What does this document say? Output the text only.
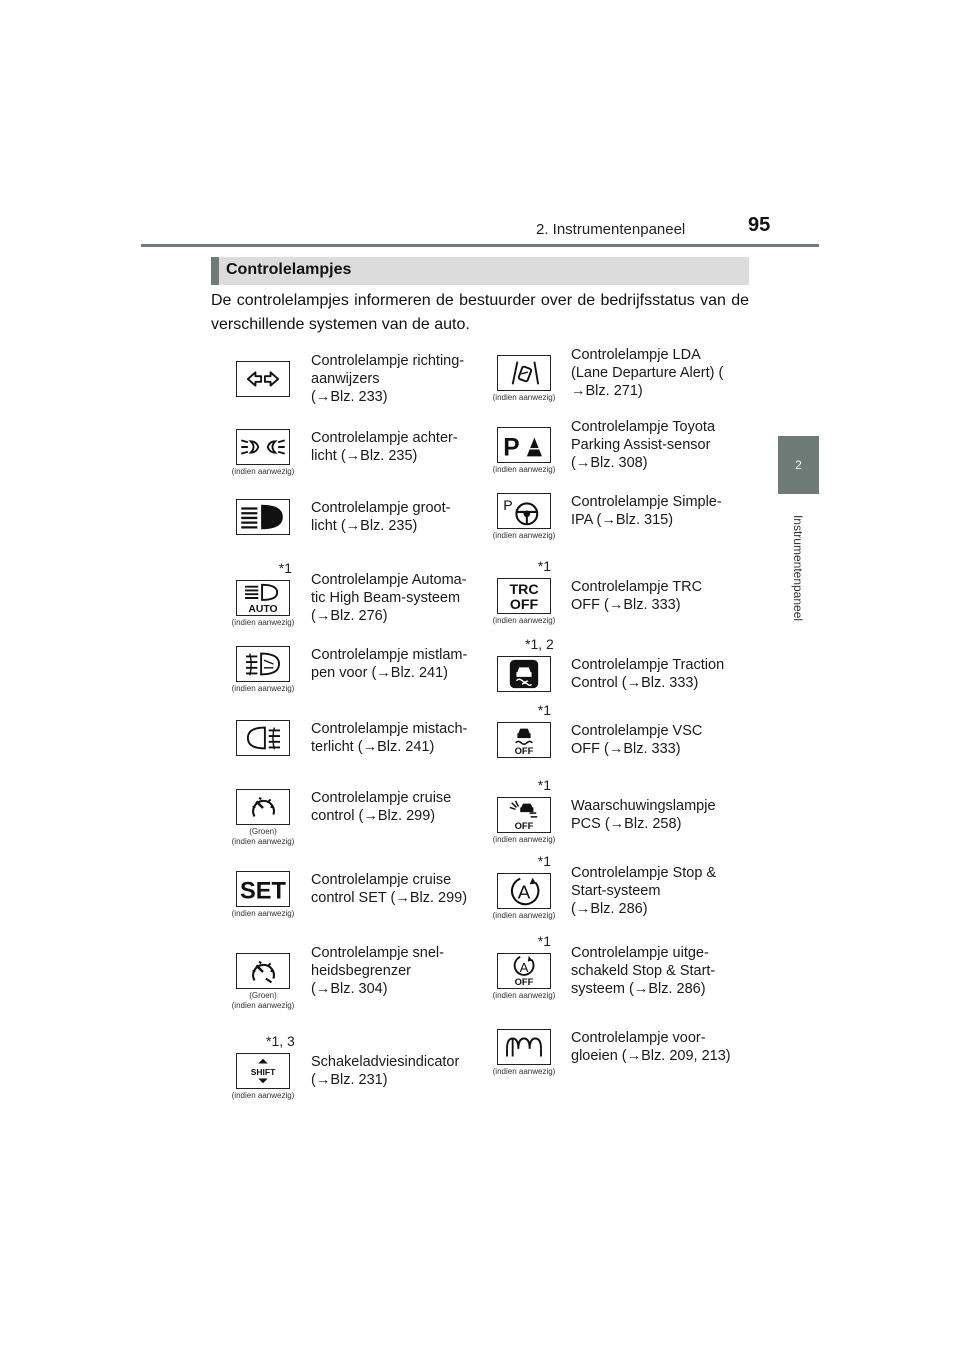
2. Instrumentenpaneel	95
2
Instrumentenpaneel
Controlelampjes
De controlelampjes informeren de bestuurder over de bedrijfsstatus van de verschillende systemen van de auto.
Controlelampje richting-
aanwijzers
(→Blz. 233)
(indien aanwezig)
Controlelampje achter-
licht (→Blz. 235)
Controlelampje groot-
licht (→Blz. 235)
*1
AUTO
(indien aanwezig)
Controlelampje Automa-
tic High Beam-systeem
(→Blz. 276)
(indien aanwezig)
Controlelampje mistlam-
pen voor (→Blz. 241)
Controlelampje mistach-
terlicht (→Blz. 241)
(Groen)
(indien aanwezig)
Controlelampje cruise
control (→Blz. 299)
SET
(indien aanwezig)
Controlelampje cruise
control SET (→Blz. 299)
(Groen)
(indien aanwezig)
Controlelampje snel-
heidsbegrenzer
(→Blz. 304)
*1, 3
SHIFT
(indien aanwezig)
Schakeladviesindicator
(→Blz. 231)
(indien aanwezig)
Controlelampje LDA
(Lane Departure Alert) (
→Blz. 271)
P
(indien aanwezig)
Controlelampje Toyota
Parking Assist-sensor
(→Blz. 308)
P
(indien aanwezig)
Controlelampje Simple-
IPA (→Blz. 315)
*1
TRC
OFF
(indien aanwezig)
Controlelampje TRC
OFF (→Blz. 333)
*1, 2
Controlelampje Traction
Control (→Blz. 333)
*1
OFF
Controlelampje VSC
OFF (→Blz. 333)
*1
OFF
(indien aanwezig)
Waarschuwingslampje
PCS (→Blz. 258)
*1
A
(indien aanwezig)
Controlelampje Stop &
Start-systeem
(→Blz. 286)
*1
A
OFF
(indien aanwezig)
Controlelampje uitge-
schakeld Stop & Start-
systeem (→Blz. 286)
(indien aanwezig)
Controlelampje voor-
gloeien (→Blz. 209, 213)
